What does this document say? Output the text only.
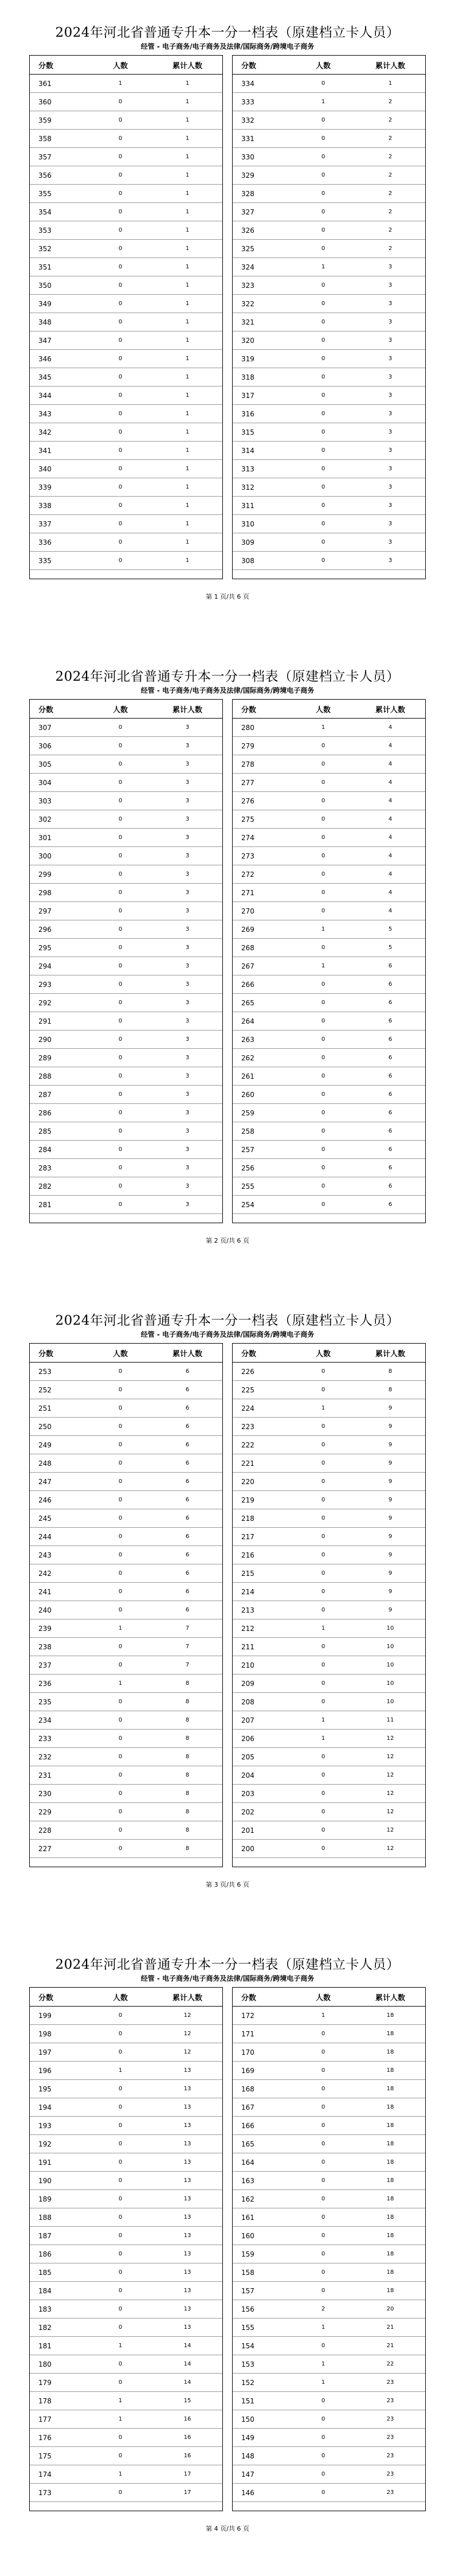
2024年河北省普通专升本一分一档表（原建档立卡人员）
经管 - 电子商务/电子商务及法律/国际商务/跨境电子商务
分数	人数	累计人数
361	1	1
360	0	1
359	0	1
358	0	1
357	0	1
356	0	1
355	0	1
354	0	1
353	0	1
352	0	1
351	0	1
350	0	1
349	0	1
348	0	1
347	0	1
346	0	1
345	0	1
344	0	1
343	0	1
342	0	1
341	0	1
340	0	1
339	0	1
338	0	1
337	0	1
336	0	1
335	0	1
分数	人数	累计人数
334	0	1
333	1	2
332	0	2
331	0	2
330	0	2
329	0	2
328	0	2
327	0	2
326	0	2
325	0	2
324	1	3
323	0	3
322	0	3
321	0	3
320	0	3
319	0	3
318	0	3
317	0	3
316	0	3
315	0	3
314	0	3
313	0	3
312	0	3
311	0	3
310	0	3
309	0	3
308	0	3
第 1 页/共 6 页
2024年河北省普通专升本一分一档表（原建档立卡人员）
经管 - 电子商务/电子商务及法律/国际商务/跨境电子商务
分数	人数	累计人数
307	0	3
306	0	3
305	0	3
304	0	3
303	0	3
302	0	3
301	0	3
300	0	3
299	0	3
298	0	3
297	0	3
296	0	3
295	0	3
294	0	3
293	0	3
292	0	3
291	0	3
290	0	3
289	0	3
288	0	3
287	0	3
286	0	3
285	0	3
284	0	3
283	0	3
282	0	3
281	0	3
分数	人数	累计人数
280	1	4
279	0	4
278	0	4
277	0	4
276	0	4
275	0	4
274	0	4
273	0	4
272	0	4
271	0	4
270	0	4
269	1	5
268	0	5
267	1	6
266	0	6
265	0	6
264	0	6
263	0	6
262	0	6
261	0	6
260	0	6
259	0	6
258	0	6
257	0	6
256	0	6
255	0	6
254	0	6
第 2 页/共 6 页
2024年河北省普通专升本一分一档表（原建档立卡人员）
经管 - 电子商务/电子商务及法律/国际商务/跨境电子商务
分数	人数	累计人数
253	0	6
252	0	6
251	0	6
250	0	6
249	0	6
248	0	6
247	0	6
246	0	6
245	0	6
244	0	6
243	0	6
242	0	6
241	0	6
240	0	6
239	1	7
238	0	7
237	0	7
236	1	8
235	0	8
234	0	8
233	0	8
232	0	8
231	0	8
230	0	8
229	0	8
228	0	8
227	0	8
分数	人数	累计人数
226	0	8
225	0	8
224	1	9
223	0	9
222	0	9
221	0	9
220	0	9
219	0	9
218	0	9
217	0	9
216	0	9
215	0	9
214	0	9
213	0	9
212	1	10
211	0	10
210	0	10
209	0	10
208	0	10
207	1	11
206	1	12
205	0	12
204	0	12
203	0	12
202	0	12
201	0	12
200	0	12
第 3 页/共 6 页
2024年河北省普通专升本一分一档表（原建档立卡人员）
经管 - 电子商务/电子商务及法律/国际商务/跨境电子商务
分数	人数	累计人数
199	0	12
198	0	12
197	0	12
196	1	13
195	0	13
194	0	13
193	0	13
192	0	13
191	0	13
190	0	13
189	0	13
188	0	13
187	0	13
186	0	13
185	0	13
184	0	13
183	0	13
182	0	13
181	1	14
180	0	14
179	0	14
178	1	15
177	1	16
176	0	16
175	0	16
174	1	17
173	0	17
分数	人数	累计人数
172	1	18
171	0	18
170	0	18
169	0	18
168	0	18
167	0	18
166	0	18
165	0	18
164	0	18
163	0	18
162	0	18
161	0	18
160	0	18
159	0	18
158	0	18
157	0	18
156	2	20
155	1	21
154	0	21
153	1	22
152	1	23
151	0	23
150	0	23
149	0	23
148	0	23
147	0	23
146	0	23
第 4 页/共 6 页
